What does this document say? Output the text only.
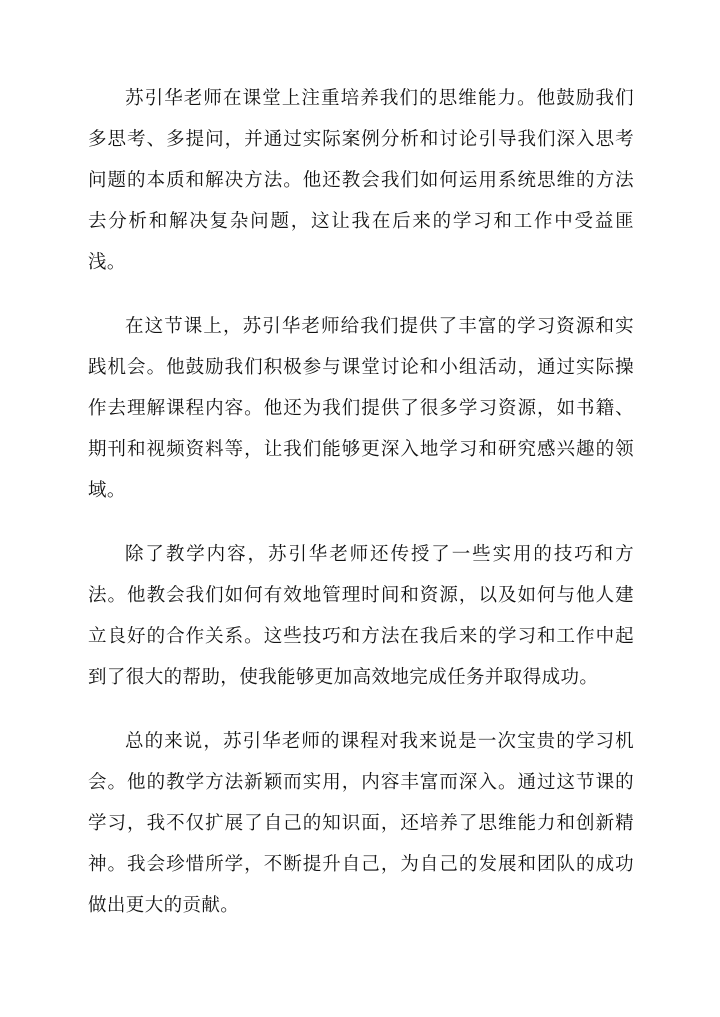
苏引华老师在课堂上注重培养我们的思维能力。他鼓励我们多思考、多提问，并通过实际案例分析和讨论引导我们深入思考问题的本质和解决方法。他还教会我们如何运用系统思维的方法去分析和解决复杂问题，这让我在后来的学习和工作中受益匪浅。

在这节课上，苏引华老师给我们提供了丰富的学习资源和实践机会。他鼓励我们积极参与课堂讨论和小组活动，通过实际操作去理解课程内容。他还为我们提供了很多学习资源，如书籍、期刊和视频资料等，让我们能够更深入地学习和研究感兴趣的领域。

除了教学内容，苏引华老师还传授了一些实用的技巧和方法。他教会我们如何有效地管理时间和资源，以及如何与他人建立良好的合作关系。这些技巧和方法在我后来的学习和工作中起到了很大的帮助，使我能够更加高效地完成任务并取得成功。

总的来说，苏引华老师的课程对我来说是一次宝贵的学习机会。他的教学方法新颖而实用，内容丰富而深入。通过这节课的学习，我不仅扩展了自己的知识面，还培养了思维能力和创新精神。我会珍惜所学，不断提升自己，为自己的发展和团队的成功做出更大的贡献。
